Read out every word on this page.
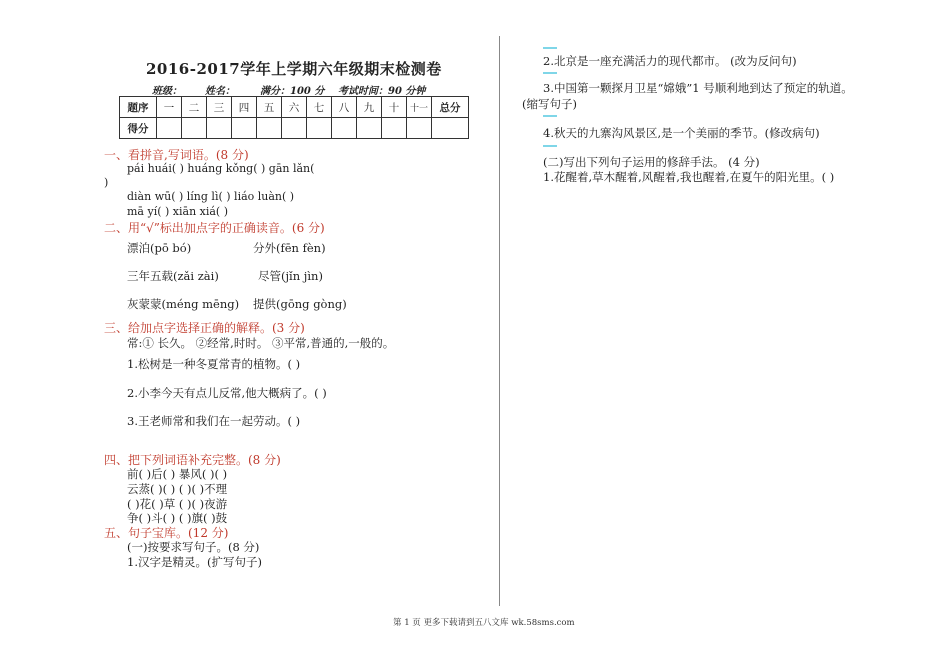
2016-2017学年上学期六年级期末检测卷
班级： 姓名：	满分：100 分 考试时间：90 分钟
题序	一	二	三	四	五	六	七	八	九	十	十一	总分
得分												
一、看拼音,写词语。(8 分)
pái huái( ) huáng kǒng( ) gān lǎn(
)
diàn wū( ) líng lì( ) liáo luàn( )
mā yí( ) xiān xiá( )
二、用“√”标出加点字的正确读音。(6 分)
漂泊(pō bó)	分外(fēn fèn)
三年五载(zǎi zài)	尽管(jǐn jìn)
灰蒙蒙(méng mēng) 提供(gōng gòng)
三、给加点字选择正确的解释。(3 分)
常:① 长久。 ②经常,时时。 ③平常,普通的,一般的。
1.松树是一种冬夏常青的植物。( )
2.小李今天有点儿反常,他大概病了。( )
3.王老师常和我们在一起劳动。( )
四、把下列词语补充完整。(8 分)
前( )后( ) 暴风( )( )
云蒸( )( ) ( )( )不理
( )花( )草 ( )( )夜游
争( )斗( ) ( )旗( )鼓
五、句子宝库。(12 分)
(一)按要求写句子。(8 分)
1.汉字是精灵。(扩写句子)
2.北京是一座充满活力的现代都市。 (改为反问句)
3.中国第一颗探月卫星“嫦娥”1 号顺利地到达了预定的轨道。
(缩写句子)
4.秋天的九寨沟风景区,是一个美丽的季节。(修改病句)
(二)写出下列句子运用的修辞手法。 (4 分)
1.花醒着,草木醒着,风醒着,我也醒着,在夏午的阳光里。( )
第 1 页 更多下载请到五八文库 wk.58sms.com
